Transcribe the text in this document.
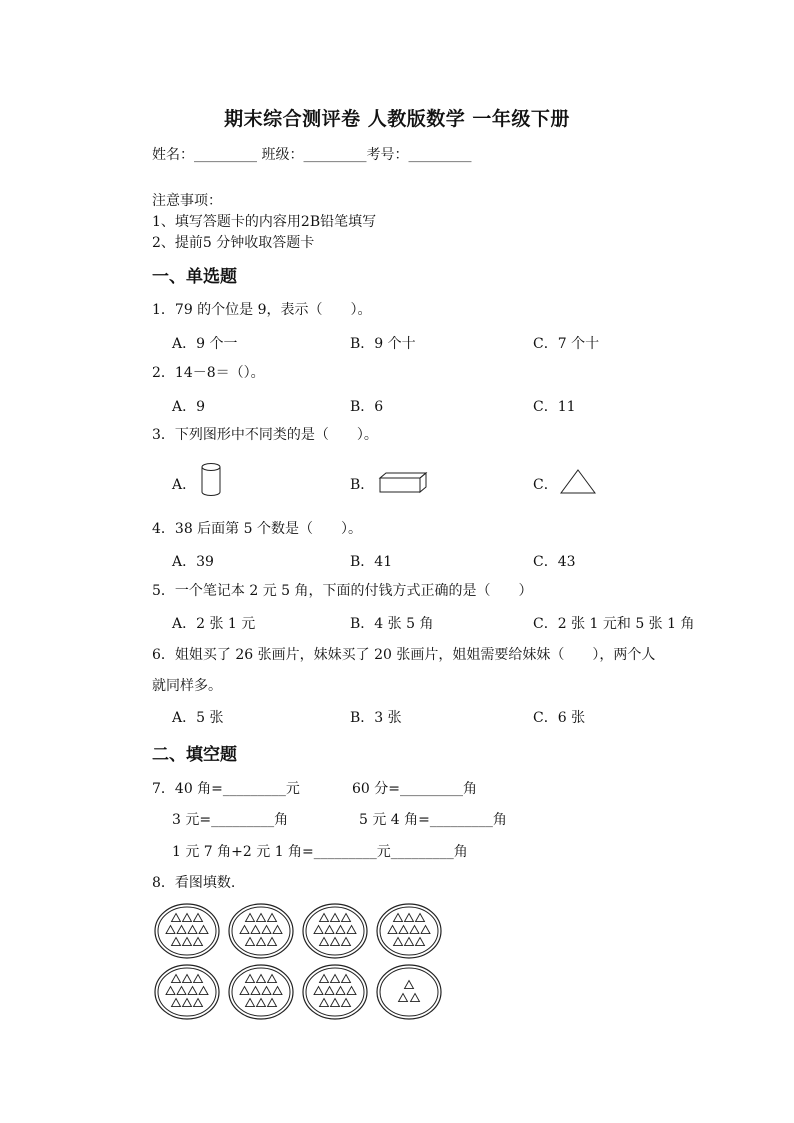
期末综合测评卷 人教版数学 一年级下册
姓名：_________ 班级：_________考号：_________
注意事项：
1、填写答题卡的内容用2B铅笔填写
2、提前5 分钟收取答题卡
一、单选题
1．79 的个位是 9，表示（　　）。
A．9 个一	B．9 个十	C．7 个十
2．14－8＝（）。
A．9	B．6	C．11
3．下列图形中不同类的是（　　）。
A．	B．	C．
4．38 后面第 5 个数是（　　）。
A．39	B．41	C．43
5．一个笔记本 2 元 5 角，下面的付钱方式正确的是（　　）
A．2 张 1 元	B．4 张 5 角	C．2 张 1 元和 5 张 1 角
6．姐姐买了 26 张画片，妹妹买了 20 张画片，姐姐需要给妹妹（　　），两个人
就同样多。
A．5 张	B．3 张	C．6 张
二、填空题
7．40 角=_________元	60 分=_________角
3 元=_________角	5 元 4 角=_________角
1 元 7 角+2 元 1 角=_________元_________角
8．看图填数.
